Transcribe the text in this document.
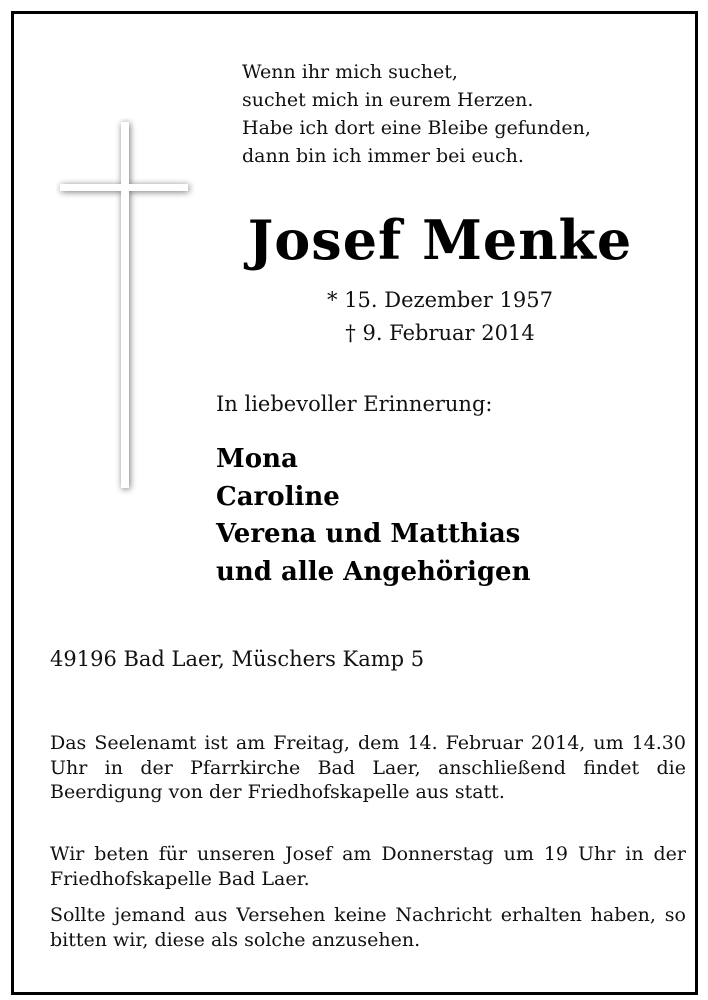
Wenn ihr mich suchet,
suchet mich in eurem Herzen.
Habe ich dort eine Bleibe gefunden,
dann bin ich immer bei euch.
Josef Menke
* 15. Dezember 1957
† 9. Februar 2014
In liebevoller Erinnerung:
Mona
Caroline
Verena und Matthias
und alle Angehörigen
49196 Bad Laer, Müschers Kamp 5
Das Seelenamt ist am Freitag, dem 14. Februar 2014, um 14.30 Uhr in der Pfarrkirche Bad Laer, anschließend findet die Beerdigung von der Friedhofskapelle aus statt.
Wir beten für unseren Josef am Donnerstag um 19 Uhr in der Friedhofskapelle Bad Laer.
Sollte jemand aus Versehen keine Nachricht erhalten haben, so bitten wir, diese als solche anzusehen.
